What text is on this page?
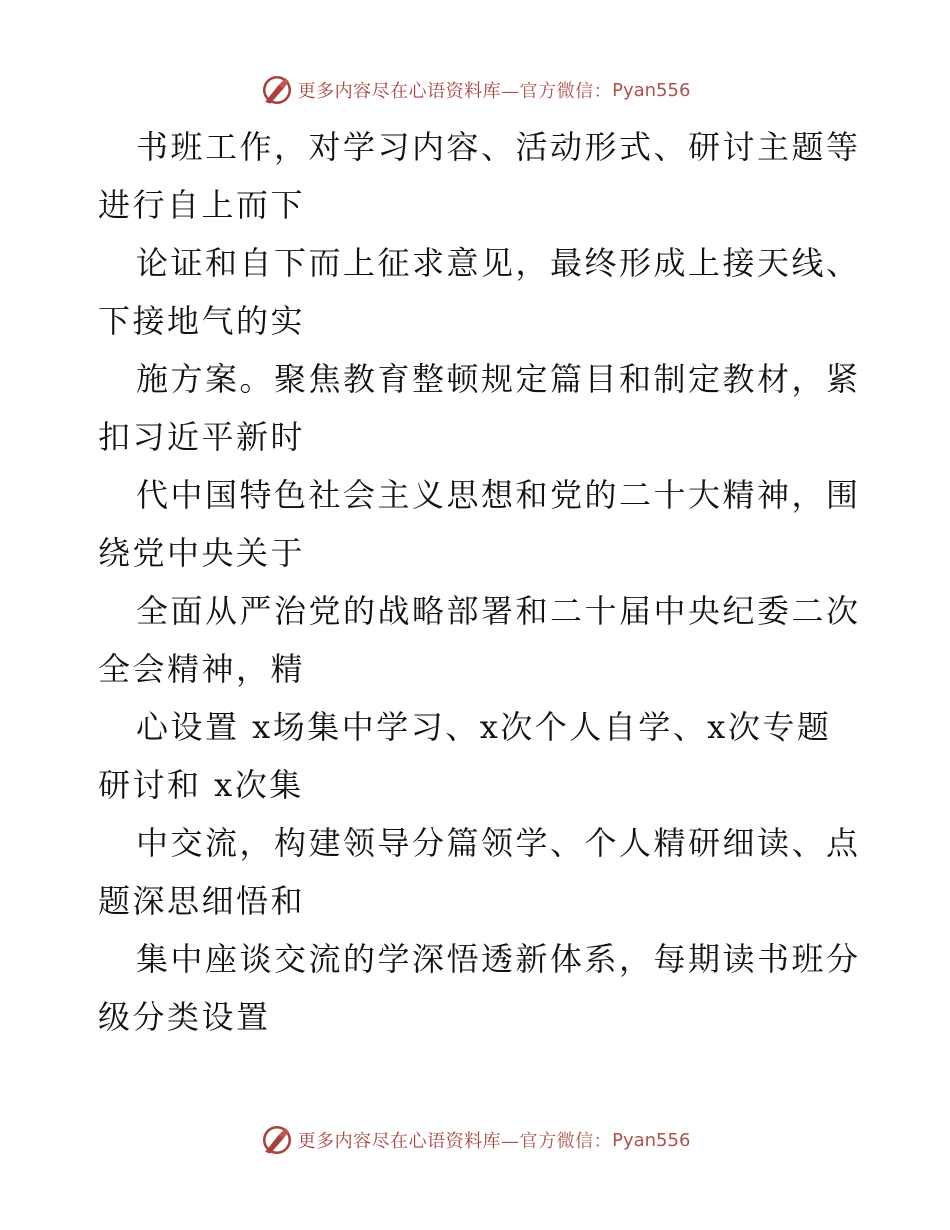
更多内容尽在心语资料库 —官方微信： Pyan556
书班工作，对学习内容、活动形式、研讨主题等
进行自上而下
论证和自下而上征求意见，最终形成上接天线、
下接地气的实
施方案。聚焦教育整顿规定篇目和制定教材，紧
扣习近平新时
代中国特色社会主义思想和党的二十大精神，围
绕党中央关于
全面从严治党的战略部署和二十届中央纪委二次
全会精神，精
心设置 x场集中学习、x次个人自学、x次专题
研讨和 x次集
中交流，构建领导分篇领学、个人精研细读、点
题深思细悟和
集中座谈交流的学深悟透新体系，每期读书班分
级分类设置
更多内容尽在心语资料库 —官方微信： Pyan556
